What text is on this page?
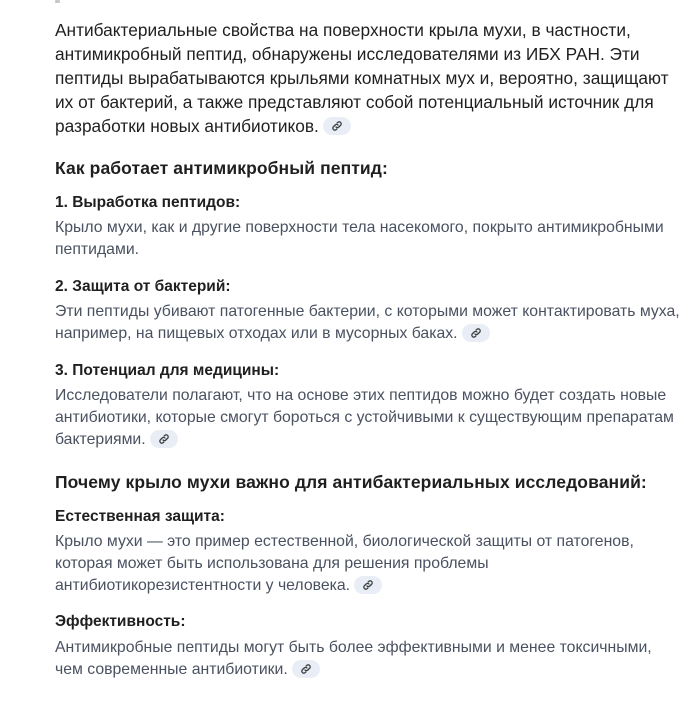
Антибактериальные свойства на поверхности крыла мухи, в частности, антимикробный пептид, обнаружены исследователями из ИБХ РАН. Эти пептиды вырабатываются крыльями комнатных мух и, вероятно, защищают их от бактерий, а также представляют собой потенциальный источник для разработки новых антибиотиков.
Как работает антимикробный пептид:
1. Выработка пептидов:
Крыло мухи, как и другие поверхности тела насекомого, покрыто антимикробными пептидами.
2. Защита от бактерий:
Эти пептиды убивают патогенные бактерии, с которыми может контактировать муха, например, на пищевых отходах или в мусорных баках.
3. Потенциал для медицины:
Исследователи полагают, что на основе этих пептидов можно будет создать новые антибиотики, которые смогут бороться с устойчивыми к существующим препаратам бактериями.
Почему крыло мухи важно для антибактериальных исследований:
Естественная защита:
Крыло мухи — это пример естественной, биологической защиты от патогенов, которая может быть использована для решения проблемы антибиотикорезистентности у человека.
Эффективность:
Антимикробные пептиды могут быть более эффективными и менее токсичными, чем современные антибиотики.
